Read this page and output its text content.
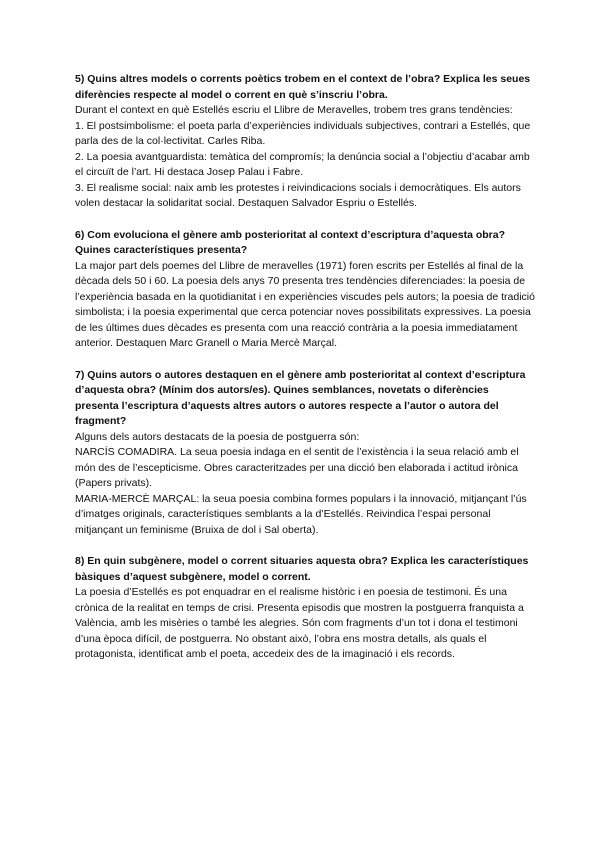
5) Quins altres models o corrents poètics trobem en el context de l’obra? Explica les seues diferències respecte al model o corrent en què s’inscriu l’obra.

Durant el context en què Estellés escriu el Llibre de Meravelles, trobem tres grans tendències:

1. El postsimbolisme: el poeta parla d’experiències individuals subjectives, contrari a Estellés, que parla des de la col·lectivitat. Carles Riba.

2. La poesia avantguardista: temàtica del compromís; la denúncia social a l’objectiu d’acabar amb el circuït de l’art. Hi destaca Josep Palau i Fabre.

3. El realisme social: naix amb les protestes i reivindicacions socials i democràtiques. Els autors volen destacar la solidaritat social. Destaquen Salvador Espriu o Estellés.

6) Com evoluciona el gènere amb posterioritat al context d’escriptura d’aquesta obra? Quines característiques presenta?

La major part dels poemes del Llibre de meravelles (1971) foren escrits per Estellés al final de la dècada dels 50 i 60. La poesia dels anys 70 presenta tres tendències diferenciades: la poesia de l’experiència basada en la quotidianitat i en experiències viscudes pels autors; la poesia de tradició simbolista; i la poesia experimental que cerca potenciar noves possibilitats expressives. La poesia de les últimes dues dècades es presenta com una reacció contrària a la poesia immediatament anterior. Destaquen Marc Granell o Maria Mercè Marçal.

7) Quins autors o autores destaquen en el gènere amb posterioritat al context d’escriptura d’aquesta obra? (Mínim dos autors/es). Quines semblances, novetats o diferències presenta l’escriptura d’aquests altres autors o autores respecte a l’autor o autora del fragment?

Alguns dels autors destacats de la poesia de postguerra són:

NARCÍS COMADIRA. La seua poesia indaga en el sentit de l’existència i la seua relació amb el món des de l’escepticisme. Obres caracteritzades per una dicció ben elaborada i actitud irònica (Papers privats).

MARIA-MERCÈ MARÇAL: la seua poesia combina formes populars i la innovació, mitjançant l’ús d’imatges originals, característiques semblants a la d’Estellés. Reivindica l’espai personal mitjançant un feminisme (Bruixa de dol i Sal oberta).

8) En quin subgènere, model o corrent situaries aquesta obra? Explica les característiques bàsiques d’aquest subgènere, model o corrent.

La poesia d’Estellés es pot enquadrar en el realisme històric i en poesia de testimoni. És una crònica de la realitat en temps de crisi. Presenta episodis que mostren la postguerra franquista a València, amb les misèries o també les alegries. Són com fragments d’un tot i dona el testimoni d’una època difícil, de postguerra. No obstant això, l’obra ens mostra detalls, als quals el protagonista, identificat amb el poeta, accedeix des de la imaginació i els records.
